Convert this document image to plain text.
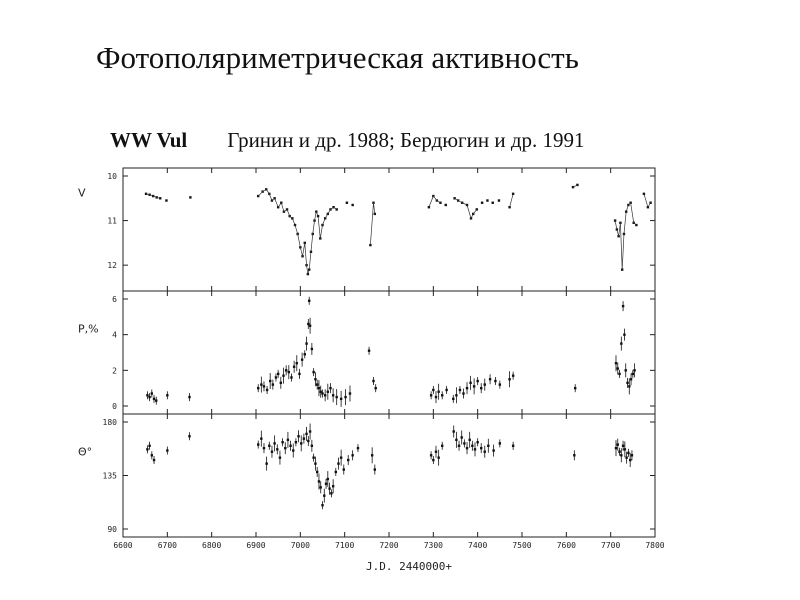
Фотополяриметрическая активность
WW Vul Гринин и др. 1988; Бердюгин и др. 1991
10
11
12
V
0
2
4
6
P,%
90
135
180
Θ°
6600	6700	6800	6900	7000	7100	7200	7300	7400	7500	7600	7700	7800
J.D. 2440000+
